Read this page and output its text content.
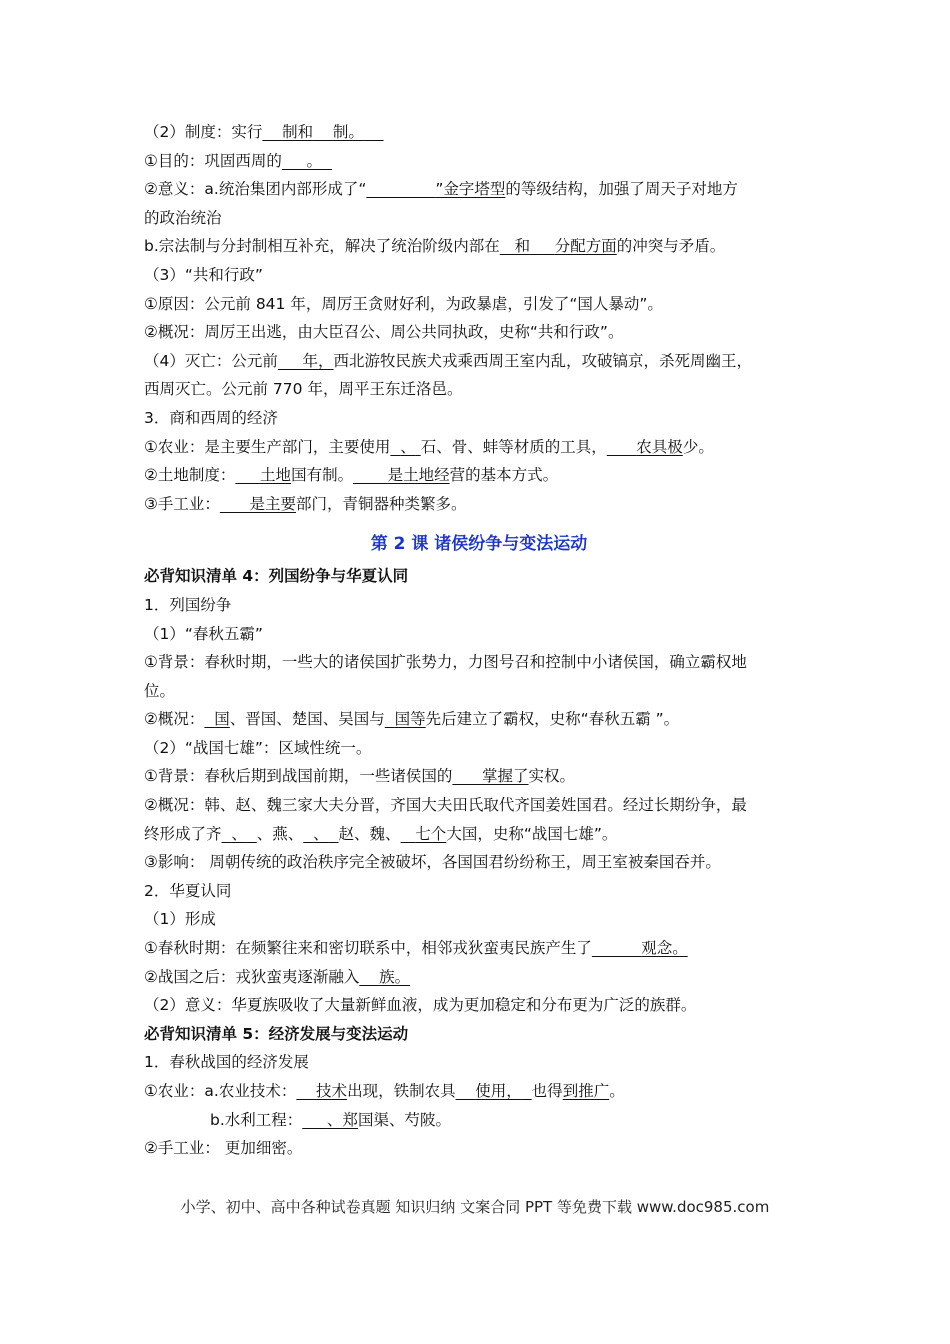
（2）制度：实行 制和 制。
①目的：巩固西周的 。
②意义：a.统治集团内部形成了“	”金字塔型的等级结构，加强了周天子对地方
的政治统治
b.宗法制与分封制相互补充，解决了统治阶级内部在 和 分配方面的冲突与矛盾。
（3）“共和行政”
①原因：公元前 841 年，周厉王贪财好利，为政暴虐，引发了“国人暴动”。
②概况：周厉王出逃，由大臣召公、周公共同执政，史称“共和行政”。
（4）灭亡：公元前 年，西北游牧民族犬戎乘西周王室内乱，攻破镐京，杀死周幽王，
西周灭亡。公元前 770 年，周平王东迁洛邑。
3．商和西周的经济
①农业：是主要生产部门，主要使用 、 石、骨、蚌等材质的工具， 农具极少。
②土地制度： 土地国有制。 是土地经营的基本方式。
③手工业： 是主要部门，青铜器种类繁多。
第 2 课 诸侯纷争与变法运动
必背知识清单 4：列国纷争与华夏认同
1．列国纷争
（1）“春秋五霸”
①背景：春秋时期，一些大的诸侯国扩张势力，力图号召和控制中小诸侯国，确立霸权地
位。
②概况： 国、晋国、楚国、吴国与 国等先后建立了霸权，史称“春秋五霸 ”。
（2）“战国七雄”：区域性统一。
①背景：春秋后期到战国前期，一些诸侯国的 掌握了实权。
②概况：韩、赵、魏三家大夫分晋，齐国大夫田氏取代齐国姜姓国君。经过长期纷争，最
终形成了齐 、 、燕、 、 赵、魏、 七个大国，史称“战国七雄”。
③影响： 周朝传统的政治秩序完全被破坏，各国国君纷纷称王，周王室被秦国吞并。
2．华夏认同
（1）形成
①春秋时期：在频繁往来和密切联系中，相邻戎狄蛮夷民族产生了	观念。
②战国之后：戎狄蛮夷逐渐融入 族。
（2）意义：华夏族吸收了大量新鲜血液，成为更加稳定和分布更为广泛的族群。
必背知识清单 5：经济发展与变法运动
1．春秋战国的经济发展
①农业：a.农业技术： 技术出现，铁制农具 使用， 也得到推广。
b.水利工程： 、郑国渠、芍陂。
②手工业： 更加细密。
小学、初中、高中各种试卷真题 知识归纳 文案合同 PPT 等免费下载 www.doc985.com
